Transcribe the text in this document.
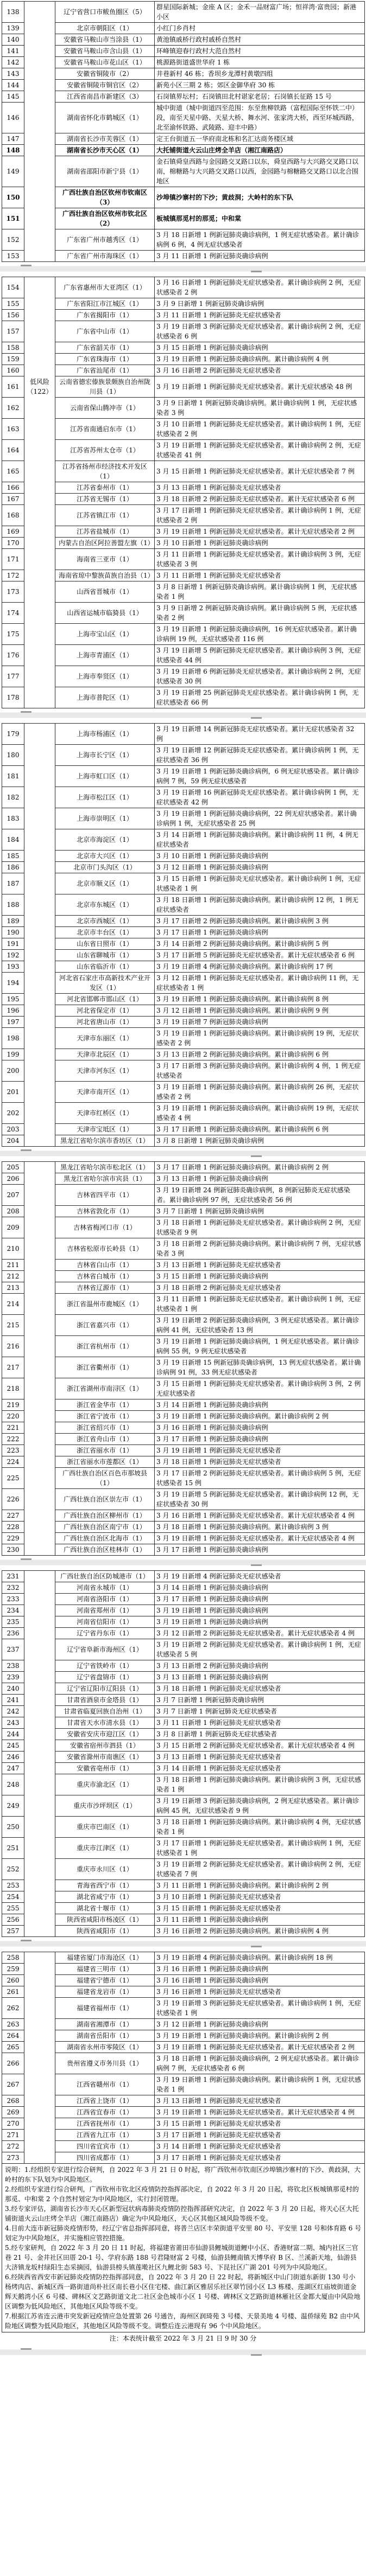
138		辽宁省营口市鲅鱼圈区（5）	群星国际新城；金座 A 区；金禾一品财富广场；恒祥湾·富贵园；新港小区
139		北京市朝阳区（1）	小红门乡肖村
140		安徽省马鞍山市当涂县（1）	黄池镇戚桥行政村戚桥自然村
141		安徽省马鞍山市含山县（1）	环峰镇迎春行政村大范自然村
142		安徽省马鞍山市花山区（1）	桃源路街道盛世华府 1 栋
143		安徽省铜陵市（2）	井巷新村 46 栋；香坝乡龙潭村黄墩四组
144		安徽省铜陵市铜官区（2）	新苑小区三期 2 栋；郊区金御华府 30 栋
145		江西省南昌市新建区（3）	石岗镇界坛村；石岗镇田北村谌家老居；石岗镇长征路 15 号
146		湖南省怀化市鹤城区（1）	城中街道（城中街道四至范围：东至焦柳铁路（富程国际至怀铁二中）段，南至天星中路、天星大桥、舞水河、张家湾大桥，西至环城西路，北至渝怀铁路、武陵路、迎丰中路）
147		湖南省长沙市芙蓉区（1）	定王台街道五一华府南北栋和名汇达商务楼区域
148		湖南省长沙市天心区（1）	大托铺街道火云山庄烤全羊店（湘江南路店）
149		湖南省邵阳市新宁县（1）	金石镇舜皇西路与金园路交叉路口以东，舜皇西路与大兴路交叉路口以南，棉糖路与大兴路交叉路口以西，金园路与棉糖路交叉路口以北合围地区
150		广西壮族自治区钦州市钦南区（3）	沙埠镇沙寨村的下沙；黄歧洞；大岭村的东下队
151		广西壮族自治区钦州市钦北区（2）	板城镇那觅村的那觅；中和棠
152		广东省广州市越秀区（1）	3 月 18 日新增 1 例新冠肺炎确诊病例，1 例无症状感染者。累计确诊病例 6 例，4 例无症状感染者
153		广东省广州市海珠区（1）	3 月 11 日新增 1 例新冠肺炎确诊病例
154		广东省惠州市大亚湾区（1）	3 月 16 日新增 1 例新冠肺炎无症状感染者。累计确诊病例 2 例，无症状感染者 2 例
155		广东省阳江市江城区（1）	3 月 9 日新增 1 例新冠肺炎确诊病例
156		广东省揭阳市（1）	3 月 11 日新增 1 例新冠肺炎无症状感染者
157		广东省中山市（1）	3 月 19 日新增 3 例新冠肺炎无症状感染者。累计确诊病例 2 例，无症状感染者 6 例
158		广东省韶关市（1）	3 月 15 日新增 1 例新冠肺炎确诊病例
159		广东省珠海市（1）	3 月 19 日新增 1 例新冠肺炎确诊病例。累计确诊病例 4 例
160		广东省汕尾市（1）	3 月 16 日新增 2 例新冠肺炎无症状感染者
161	低风险（122）	云南省德宏傣族景颇族自治州陇川县（1）	3 月 19 日新增 1 例新冠肺炎无症状感染者。累计无症状感染 48 例
162		云南省保山腾冲市（1）	3 月 9 日新增 1 例新冠肺炎确诊病例。累计确诊病例 1 例，无症状感染者 3 例
163		江苏省南通启东市（1）	3 月 10 日新增 1 例新冠肺炎无症状感染者。累计确诊病例 1 例，无症状感染者 2 例
164		江苏省苏州太仓市（1）	3 月 19 日新增 1 例新冠肺炎无症状感染者。累计确诊病例 2 例，无症状感染者 41 例
165		江苏省扬州市经济技术开发区（1）	3 月 15 日新增 1 例新冠肺炎无症状感染者。累计无症状感染者 7 例
166		江苏省泰州市（1）	3 月 13 日新增 1 例新冠肺炎无症状感染者
167		江苏省无锡市（1）	3 月 18 日新增 2 例新冠肺炎无症状感染者。累计无症状感染者 6 例
168		江苏省镇江市（1）	3 月 17 日新增 1 例新冠肺炎无症状感染者。累计确诊病例 1 例，无症状感染者 2 例
169		江苏省盐城市（1）	3 月 19 日新增 1 例新冠肺炎无症状感染者。累计无症状感染者 2 例
170		内蒙古自治区阿拉善盟左旗（1）	3 月 10 日新增 1 例新冠肺炎确诊病例
171		海南省三亚市（1）	3 月 11 日新增 1 例新冠肺炎无症状感染者。累计确诊病例 3 例，无症状感染者 3 例
172		海南省琼中黎族苗族自治县（1）	3 月 11 日新增 1 例新冠肺炎无症状感染者
173		山西省晋城市（1）	3 月 8 日新增 1 例新冠肺炎确诊病例。累计确诊病例 1 例，无症状感染者 1 例
174		山西省运城市临猗县（1）	3 月 9 日新增 2 例新冠肺炎确诊病例。累计确诊病例 5 例，无症状感染者 2 例
175		上海市宝山区（1）	3 月 19 日新增 1 例新冠肺炎确诊病例，16 例无症状感染者。累计确诊病例 19 例，无症状感染者 116 例
176		上海市青浦区（1）	3 月 19 日新增 5 例新冠肺炎无症状感染者。累计确诊病例 3 例，无症状感染者 44 例
177		上海市奉贤区（1）	3 月 19 日新增 6 例新冠肺炎无症状感染者。累计确诊病例 2 例，无症状感染者 30 例
178		上海市普陀区（1）	3 月 19 日新增 25 例新冠肺炎无症状感染者。累计确诊病例 1 例，无症状感染者 66 例
179		上海市杨浦区（1）	3 月 19 日新增 14 例新冠肺炎无症状感染者。累计无症状感染者 32 例
180		上海市长宁区（1）	3 月 19 日新增 12 例新冠肺炎无症状感染者。累计确诊病例 1 例，无症状感染者 36 例
181		上海市虹口区（1）	3 月 19 日新增 1 例新冠肺炎确诊病例，6 例无症状感染者。累计确诊病例 7 例，59 例无症状感染者
182		上海市松江区（1）	3 月 19 日新增 16 例新冠肺炎无症状感染者。累计确诊病例 1 例，无症状感染者 42 例
183		上海市崇明区（1）	3 月 19 日新增 1 例新冠肺炎确诊病例，22 例无症状感染者。累计确诊病例 1 例，无症状感染者 25 例
184		北京市海淀区（1）	3 月 14 日新增 1 例新冠肺炎确诊病例。累计确诊病例 11 例，4 例无症状感染者
185		北京市大兴区（1）	3 月 10 日新增 1 例新冠肺炎确诊病例
186		北京市门头沟区（1）	3 月 12 日新增 1 例新冠肺炎确诊病例
187		北京市顺义区（1）	3 月 15 日新增 1 例新冠肺炎无症状感染者。累计确诊病例 1 例，无症状感染者 1 例
188		北京市东城区（1）	3 月 18 日新增 1 例新冠肺炎确诊病例。累计确诊病例 12 例，1 例无症状感染者
189		北京市西城区（1）	3 月 17 日新增 2 例新冠肺炎确诊病例。累计确诊病例 3 例
190		北京市丰台区（1）	3 月 17 日新增 1 例新冠肺炎确诊病例
191		山东省日照市（1）	3 月 14 日新增 2 例新冠肺炎确诊病例。累计确诊病例 5 例
192		山东省聊城市（1）	3 月 17 日新增 5 例新冠肺炎无症状感染者。累计无症状感染者 6 例
193		山东省临沂市（1）	3 月 19 日新增 4 例新冠肺炎确诊病例。累计确诊病例 17 例
194		河北省石家庄市高新技术产业开发区（1）	3 月 12 日新增 1 例新冠肺炎无症状感染者。累计确诊病例 11 例，无症状感染者 1 例
195		河北省邯郸市邯山区（1）	3 月 19 日新增 1 例新冠肺炎确诊病例。累计确诊病例 8 例
196		河北省保定市（1）	3 月 12 日新增 1 例新冠肺炎确诊病例。累计确诊病例 9 例
197		河北省唐山市（1）	3 月 19 日新增 7 例新冠肺炎确诊病例
198		天津市东丽区（1）	3 月 19 日新增 1 例新冠肺炎确诊病例。累计确诊病例 19 例，无症状感染者 2 例
199		天津市北辰区（1）	3 月 13 日新增 2 例新冠肺炎确诊病例。累计确诊病例 6 例
200		天津市河东区（1）	3 月 17 日新增 3 例新冠肺炎确诊病例。累计确诊病例 4 例，1 例无症状感染者
201		天津市南开区（1）	3 月 19 日新增 1 例新冠肺炎确诊病例。累计确诊病例 26 例，无症状感染者 2 例
202		天津市红桥区（1）	3 月 19 日新增 1 例新冠肺炎确诊病例。累计确诊病例 19 例，无症状感染者 4 例
203		天津市宝坻区（1）	3 月 17 日新增 1 例新冠肺炎确诊病例。累计确诊病例 6 例
204		黑龙江省哈尔滨市香坊区（1）	3 月 8 日新增 1 例新冠肺炎确诊病例
205		黑龙江省哈尔滨市松北区（1）	3 月 17 日新增 1 例新冠肺炎确诊病例。累计确诊病例 2 例
206		黑龙江省哈尔滨市宾县（1）	3 月 13 日新增 1 例新冠肺炎确诊病例
207		吉林省四平市（1）	3 月 19 日新增 24 例新冠肺炎确诊病例，8 例新冠肺炎无症状感染者。累计确诊病例 97 例，无症状感染者 56 例
208		吉林省敦化市（1）	3 月 7 日新增 1 例新冠肺炎确诊病例
209		吉林省梅河口市（1）	3 月 18 日新增 1 例新冠肺炎无症状感染者。累计确诊病例 2 例，无症状感染者 9 例
210		吉林省松原市长岭县（1）	3 月 18 日新增 2 例新冠肺炎确诊病例。累计确诊病例 7 例，无症状感染者 3 例
211		吉林省白山市（1）	3 月 13 日新增 1 例新冠肺炎无症状感染者
212		吉林省白城市（1）	3 月 15 日新增 1 例新冠肺炎确诊病例
213		吉林省辽源市（1）	3 月 18 日新增 2 例新冠肺炎无症状感染者
214		浙江省温州市鹿城区（1）	3 月 11 日新增 1 例新冠肺炎无症状感染者。累计确诊病例 1 例，无症状感染者 1 例
215		浙江省嘉兴市（1）	3 月 19 日新增 2 例新冠肺炎确诊病例，3 例无症状感染者。累计确诊病例 41 例，无症状感染者 13 例
216		浙江省杭州市（1）	3 月 19 日新增 1 例新冠肺炎确诊病例，1 例无症状感染者。累计确诊病例 55 例，9 例无症状感染者
217		浙江省衢州市（1）	3 月 19 日新增 15 例新冠肺炎确诊病例，13 例无症状感染者。累计确诊病例 91 例，33 例无症状感染者
218		浙江省湖州市南浔区（1）	3 月 15 日新增 1 例新冠肺炎无症状感染者。累计确诊病例 3 例，2 例无症状感染者
219		浙江省金华市（1）	3 月 14 日新增 1 例新冠肺炎确诊病例
220		浙江省宁波市（1）	3 月 19 日新增 1 例新冠肺炎确诊病例。累计确诊病例 2 例
221		浙江省绍兴市（1）	3 月 16 日新增 1 例新冠肺炎确诊病例
222		浙江省舟山市（1）	3 月 17 日新增 1 例新冠肺炎确诊病例
223		浙江省丽水市（1）	3 月 19 日新增 1 例新冠肺炎无症状感染者
224		浙江省丽水市莲都区（1）	3 月 18 日新增 1 例新冠肺炎无症状感染者
225		广西壮族自治区百色市那坡县（1）	3 月 17 日新增 2 例新冠肺炎无症状感染者。累计确诊病例 5 例，无症状感染者 15 例
226		广西壮族自治区崇左市（1）	3 月 19 日新增 5 例新冠肺炎无症状感染者。累计确诊病例 12 例，无症状感染者 30 例
227		广西壮族自治区柳州市（1）	3 月 16 日新增 1 例新冠肺炎无症状感染者。累计无症状感染者 4 例
228		广西壮族自治区南宁市（1）	3 月 18 日新增 1 例新冠肺炎确诊病例。累计确诊病例 3 例
229		广西壮族自治区北海市（1）	3 月 19 日新增 1 例新冠肺炎无症状感染者。累计无症状感染者 4 例
230		广西壮族自治区桂林市（1）	3 月 17 日新增 1 例新冠肺炎确诊病例
231		广西壮族自治区防城港市（1）	3 月 19 日新增 4 例新冠肺炎无症状感染者
232		河南省永城市（1）	3 月 14 日新增 1 例新冠肺炎确诊病例
233		河南省洛阳市（1）	3 月 17 日新增 1 例新冠肺炎确诊病例
234		河南省郑州市（1）	3 月 19 日新增 1 例新冠肺炎确诊病例
235		河南省信阳市（1）	3 月 19 日新增 1 例新冠肺炎确诊病例
236		辽宁省丹东市（1）	3 月 12 日新增 2 例新冠肺炎无症状感染者。累计无症状感染者 4 例
237		辽宁省阜新市海州区（1）	3 月 19 日新增 2 例新冠肺炎无症状感染者。累计确诊病例 1 例，无症状感染者 5 例
238		辽宁省铁岭市（1）	3 月 13 日新增 2 例新冠肺炎确诊病例
239		辽宁省盘锦市（1）	3 月 13 日新增 1 例新冠肺炎确诊病例
240		辽宁省辽阳市辽阳县（1）	3 月 18 日新增 1 例新冠肺炎无症状感染者
241		甘肃省酒泉市金塔县（1）	3 月 7 日新增 1 例新冠肺炎确诊病例
242		甘肃省临夏回族自治州（1）	3 月 7 日新增 1 例新冠肺炎无症状感染者
243		甘肃省天水市清水县（1）	3 月 11 日新增 1 例新冠肺炎无症状感染者
244		安徽省安庆市迎江区（1）	3 月 8 日新增 1 例新冠肺炎无症状感染者
245		安徽省宿州市泗县（1）	3 月 15 日新增 2 例新冠肺炎无症状感染者。累计无症状感染者 4 例
246		安徽省滁州市南谯区（1）	3 月 13 日新增 1 例新冠肺炎无症状感染者
247		安徽省亳州市（1）	3 月 14 日新增 1 例新冠肺炎无症状感染者
248		重庆市渝北区（1）	3 月 18 日新增 1 例新冠肺炎确诊病例。累计确诊病例 3 例，无症状感染者 1 例
249		重庆市沙坪坝区（1）	3 月 19 日新增 3 例新冠肺炎确诊病例，2 例无症状感染者。累计确诊病例 45 例，无症状感染者 9 例
250		重庆市巴南区（1）	3 月 18 日新增 1 例新冠肺炎确诊病例。累计确诊病例 4 例，无症状感染者 1 例
251		重庆市江津区（1）	3 月 17 日新增 1 例新冠肺炎无症状感染者。累计确诊病例 1 例，无症状感染者 1 例
252		重庆市永川区（1）	3 月 19 日新增 2 例新冠肺炎无症状感染者。累计确诊病例 2 例，无症状感染者 7 例
253		青海省西宁市（1）	3 月 11 日新增 1 例新冠肺炎确诊病例。累计确诊病例 2 例
254		湖北省咸宁市（1）	3 月 10 日新增 1 例新冠肺炎无症状感染者
255		湖北省十堰市（1）	3 月 15 日新增 1 例新冠肺炎无症状感染者
256		陕西省咸阳市杨凌区（1）	3 月 11 日新增 1 例新冠肺炎确诊病例
257		陕西省咸阳市（1）	3 月 16 日新增 2 例新冠肺炎确诊病例。累计确诊病例 4 例
258		福建省厦门市海沧区（1）	3 月 19 日新增 4 例新冠肺炎确诊病例。累计确诊病例 18 例
259		福建省三明市（1）	3 月 16 日新增 1 例新冠肺炎确诊病例
260		福建省宁德市（1）	3 月 16 日新增 1 例新冠肺炎确诊病例
261		福建省龙岩市（1）	3 月 16 日新增 1 例新冠肺炎无症状感染者
262		福建省福州市（1）	3 月 19 日新增 3 例新冠肺炎无症状感染者。累计确诊病例 1 例，无症状感染者 1 例
263		湖南省湘潭市（1）	3 月 12 日新增 1 例新冠肺炎确诊病例
264		湖南省岳阳市（1）	3 月 19 日新增 1 例新冠肺炎确诊病例。累计确诊病例 2 例
265		湖南省永州市零陵区（1）	3 月 19 日新增 1 例新冠肺炎无症状感染者。累计无症状感染者 2 例
266		贵州省遵义市务川县（1）	3 月 18 日新增 1 例新冠肺炎确诊病例，2 例无症状感染者。累计确诊病例 7 例，无症状感染者 6 例
267		江西省赣州市（1）	3 月 19 日新增 1 例新冠肺炎确诊病例。累计确诊病例 1 例，无症状感染者 1 例
268		江西省上饶市（1）	3 月 13 日新增 1 例新冠肺炎无症状感染者
269		江西省宜春市（1）	3 月 19 日新增 1 例新冠肺炎无症状感染者。累计无症状感染者 4 例
270		江西省抚州市（1）	3 月 15 日新增 1 例新冠肺炎无症状感染者
271		江西省九江市（1）	3 月 17 日新增 1 例新冠肺炎无症状感染者
272		四川省宜宾市（1）	3 月 14 日新增 1 例新冠肺炎无症状感染者
273		四川省成都市（1）	3 月 17 日新增 1 例新冠肺炎无症状感染者

说明：1.经组织专家进行综合研判，自 2022 年 3 月 21 日 0 时起，将广西钦州市钦南区沙埠镇沙寨村的下沙、黄歧洞，大岭村的东下队划为中风险地区。
2.经组织专家进行综合研判，广西钦州市钦北区疫情防控指挥部决定，自 2022 年 3 月 20 日起，将钦北区板城镇那觅村的那觅、中和棠 2 个自然村划定为中风险地区，实行封闭管理。
3.经专家评估，湖南省长沙市天心区新型冠状病毒肺炎疫情防控指挥部研究决定，自 2022 年 3 月 20 日起，将天心区大托铺街道火云山庄烤全羊店（湘江南路店）确定为中风险地区，天心区其他区域风险等级不变。
4.目前大连市新冠肺炎疫情形势，经辽宁省总指挥部同意，将普兰店区丰荣街道平安里 80 号、平安里 128 号和体育路 6 号划定为中风险地区，并实施相应管控措施。
5.经专家研判，自 2022 年 3 月 20 日 11 时起，将福建省莆田市仙游县鲤城街道鲤中小区、香港财富二期、城内社区三官巷 21 号、金井社区田厝 20-1 号、学府东路 188 号君隆财富 2 号楼，仙游县鲤南镇天博华府 B 区、兰溪新天地，仙游县大济镇龙坂村绿阳生态采摘园，仙游县榜头镇莲墘社区九鲤北街 583 号、下昆社区广湖 201 号列为中风险地区。
6.经陕西省西安市新冠肺炎疫情防控指挥部同意，自 2022 年 3 月 20 日 22 时起，将新城区中山门街道东新街 130 号小杨烤肉店、新城区西一路街道尚朴社区南长巷小区住宅楼、曲江新区雅居乐社区翠竹园小区 L3 栋楼、莲湖区红庙坡街道金辉天鹅湾小区 6 号楼、碑林区文艺路街道文北二社区金色城市小区 1 号楼、碑林区文艺路街道林雁社区金都大厦由中风险地区调整为低风险地区，其他地区风险等级不变。
7.根据江苏省连云港市突发新冠疫情应急处置第 26 号通告，海州区润琦苑 3 号楼、天景美地 4 号楼、温侨绿苑 B2 由中风险地区调整为低风险地区，其他地区风险等级不变。调整后连云港现有 96 个中风险地区。
注：本表统计截至 2022 年 3 月 21 日 9 时 30 分
